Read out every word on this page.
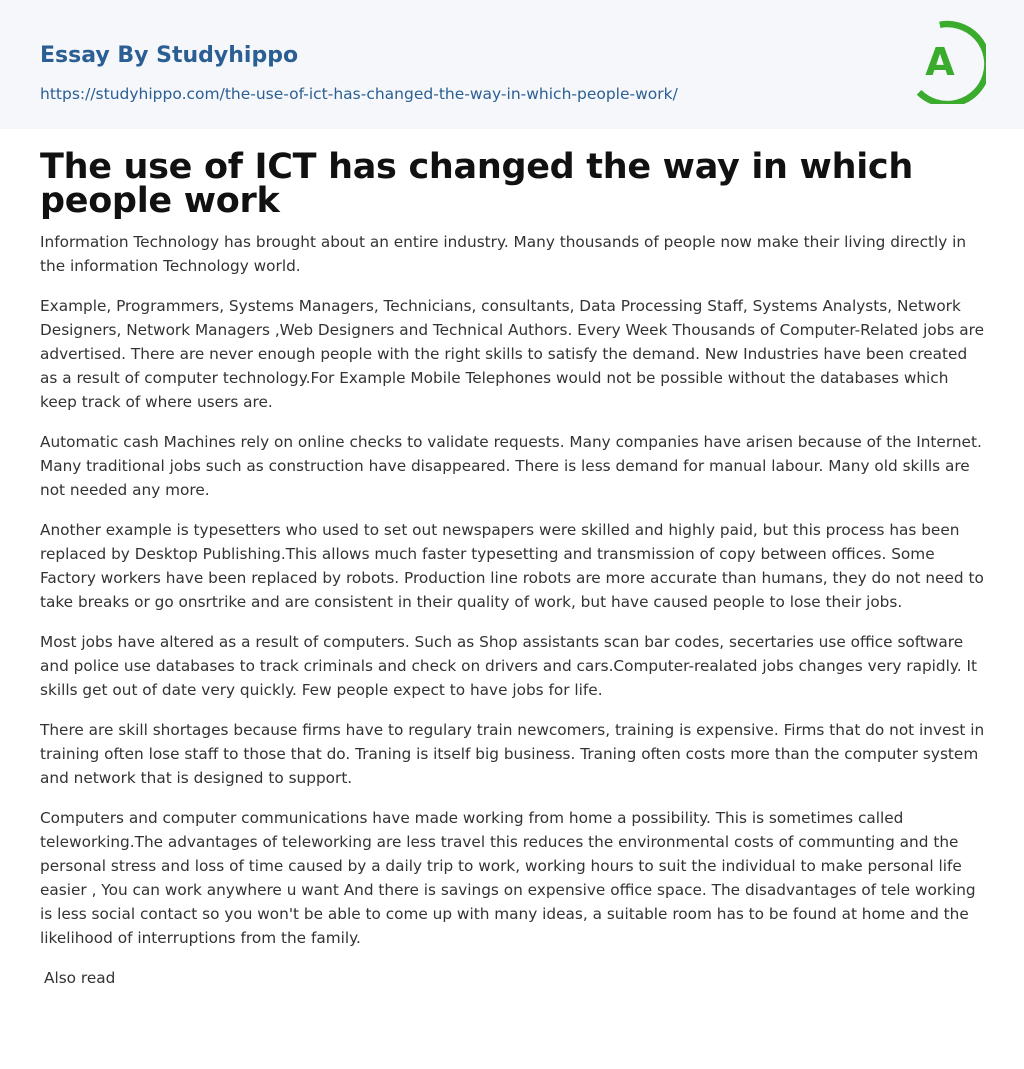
Essay By Studyhippo
https://studyhippo.com/the-use-of-ict-has-changed-the-way-in-which-people-work/
A
The use of ICT has changed the way in which people work

Information Technology has brought about an entire industry. Many thousands of people now make their living directly in the information Technology world.

Example, Programmers, Systems Managers, Technicians, consultants, Data Processing Staff, Systems Analysts, Network Designers, Network Managers ,Web Designers and Technical Authors. Every Week Thousands of Computer-Related jobs are advertised. There are never enough people with the right skills to satisfy the demand. New Industries have been created as a result of computer technology.For Example Mobile Telephones would not be possible without the databases which keep track of where users are.

Automatic cash Machines rely on online checks to validate requests. Many companies have arisen because of the Internet. Many traditional jobs such as construction have disappeared. There is less demand for manual labour. Many old skills are not needed any more.

Another example is typesetters who used to set out newspapers were skilled and highly paid, but this process has been replaced by Desktop Publishing.This allows much faster typesetting and transmission of copy between offices. Some Factory workers have been replaced by robots. Production line robots are more accurate than humans, they do not need to take breaks or go onsrtrike and are consistent in their quality of work, but have caused people to lose their jobs.

Most jobs have altered as a result of computers. Such as Shop assistants scan bar codes, secertaries use office software and police use databases to track criminals and check on drivers and cars.Computer-realated jobs changes very rapidly. It skills get out of date very quickly. Few people expect to have jobs for life.

There are skill shortages because firms have to regulary train newcomers, training is expensive. Firms that do not invest in training often lose staff to those that do. Traning is itself big business. Traning often costs more than the computer system and network that is designed to support.

Computers and computer communications have made working from home a possibility. This is sometimes called teleworking.The advantages of teleworking are less travel this reduces the environmental costs of communting and the personal stress and loss of time caused by a daily trip to work, working hours to suit the individual to make personal life easier , You can work anywhere u want And there is savings on expensive office space. The disadvantages of tele working is less social contact so you won't be able to come up with many ideas, a suitable room has to be found at home and the likelihood of interruptions from the family.

Also read
